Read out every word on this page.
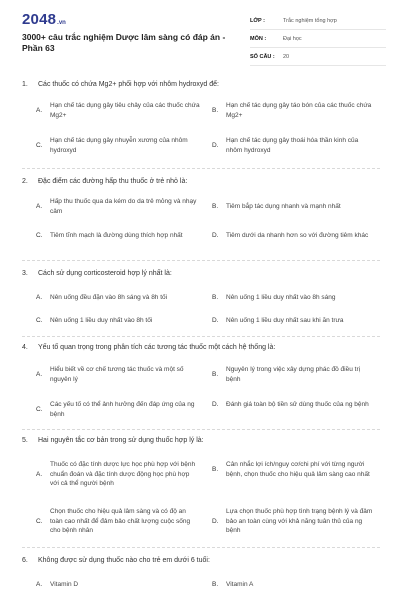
2048 .vn
3000+ câu trắc nghiệm Dược lâm sàng có đáp án - Phần 63
LỚP :	Trắc nghiệm tổng hợp
MÔN :	Đại học
SỐ CÂU :	20
1. Các thuốc có chứa Mg2+ phối hợp với nhôm hydroxyd để:
A.
Hạn chế tác dụng gây tiêu chảy của các thuốc chứa Mg2+
B.
Hạn chế tác dụng gây táo bón của các thuốc chứa Mg2+
C.
Hạn chế tác dụng gây nhuyễn xương của nhôm hydroxyd
D.
Hạn chế tác dụng gây thoái hóa thần kinh của nhôm hydroxyd
2. Đặc điểm các đường hấp thu thuốc ở trẻ nhỏ là:
A.
Hấp thu thuốc qua da kém do da trẻ mỏng và nhạy cảm
B.	Tiêm bắp tác dụng nhanh và mạnh nhất
C.	Tiêm tĩnh mạch là đường dùng thích hợp nhất	D.	Tiêm dưới da nhanh hơn so với đường tiêm khác
3. Cách sử dụng corticosteroid hợp lý nhất là:
A.	Nên uống đều đặn vào 8h sáng và 8h tối	B.	Nên uống 1 liều duy nhất vào 8h sáng
C.	Nên uống 1 liều duy nhất vào 8h tối	D.	Nên uống 1 liều duy nhất sau khi ăn trưa
4. Yếu tố quan trọng trong phân tích các tương tác thuốc một cách hệ thống là:
A.
Hiểu biết về cơ chế tương tác thuốc và một số nguyên lý
B.
Nguyên lý trong việc xây dựng phác đồ điều trị bệnh
C.
Các yếu tố có thể ảnh hưởng đến đáp ứng của ng bệnh
D.	Đánh giá toàn bộ tiền sử dùng thuốc của ng bệnh
5. Hai nguyên tắc cơ bản trong sử dụng thuốc hợp lý là:
A.
Thuốc có đặc tính dược lực học phù hợp với bệnh chuẩn đoán và đặc tính dược động học phù hợp với cả thể người bệnh
B.
Cân nhắc lợi ích/nguy cơ/chi phí với từng người bệnh, chọn thuốc cho hiệu quả lâm sàng cao nhất
C.
Chọn thuốc cho hiệu quả lâm sàng và có độ an toàn cao nhất để đảm bảo chất lượng cuộc sống cho bệnh nhân
D.
Lựa chọn thuốc phù hợp tình trạng bệnh lý và đảm bảo an toàn cùng với khả năng tuân thủ của ng bệnh
6. Không được sử dụng thuốc nào cho trẻ em dưới 6 tuổi:
A.	Vitamin D	B.	Vitamin A
